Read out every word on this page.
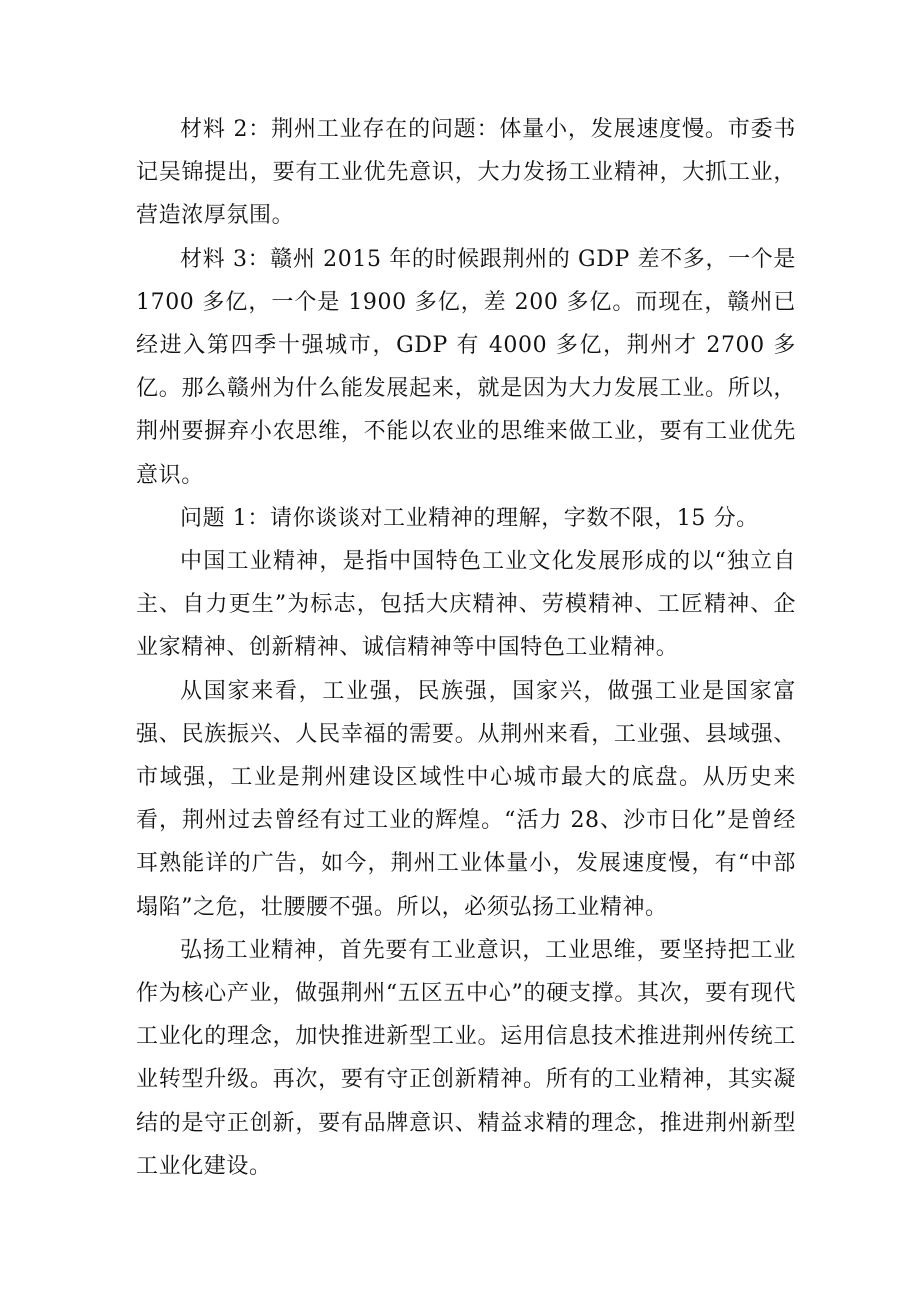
材料 2：荆州工业存在的问题：体量小，发展速度慢。市委书记吴锦提出，要有工业优先意识，大力发扬工业精神，大抓工业，营造浓厚氛围。

材料 3：赣州 2015 年的时候跟荆州的 GDP 差不多，一个是1700 多亿，一个是 1900 多亿，差 200 多亿。而现在，赣州已经进入第四季十强城市，GDP 有 4000 多亿，荆州才 2700 多亿。那么赣州为什么能发展起来，就是因为大力发展工业。所以，荆州要摒弃小农思维，不能以农业的思维来做工业，要有工业优先意识。

问题 1：请你谈谈对工业精神的理解，字数不限，15 分。

中国工业精神，是指中国特色工业文化发展形成的以“独立自主、自力更生”为标志，包括大庆精神、劳模精神、工匠精神、企业家精神、创新精神、诚信精神等中国特色工业精神。

从国家来看，工业强，民族强，国家兴，做强工业是国家富强、民族振兴、人民幸福的需要。从荆州来看，工业强、县域强、市域强，工业是荆州建设区域性中心城市最大的底盘。从历史来看，荆州过去曾经有过工业的辉煌。“活力 28、沙市日化”是曾经耳熟能详的广告，如今，荆州工业体量小，发展速度慢，有“中部塌陷”之危，壮腰腰不强。所以，必须弘扬工业精神。

弘扬工业精神，首先要有工业意识，工业思维，要坚持把工业作为核心产业，做强荆州“五区五中心”的硬支撑。其次，要有现代工业化的理念，加快推进新型工业。运用信息技术推进荆州传统工业转型升级。再次，要有守正创新精神。所有的工业精神，其实凝结的是守正创新，要有品牌意识、精益求精的理念，推进荆州新型工业化建设。
